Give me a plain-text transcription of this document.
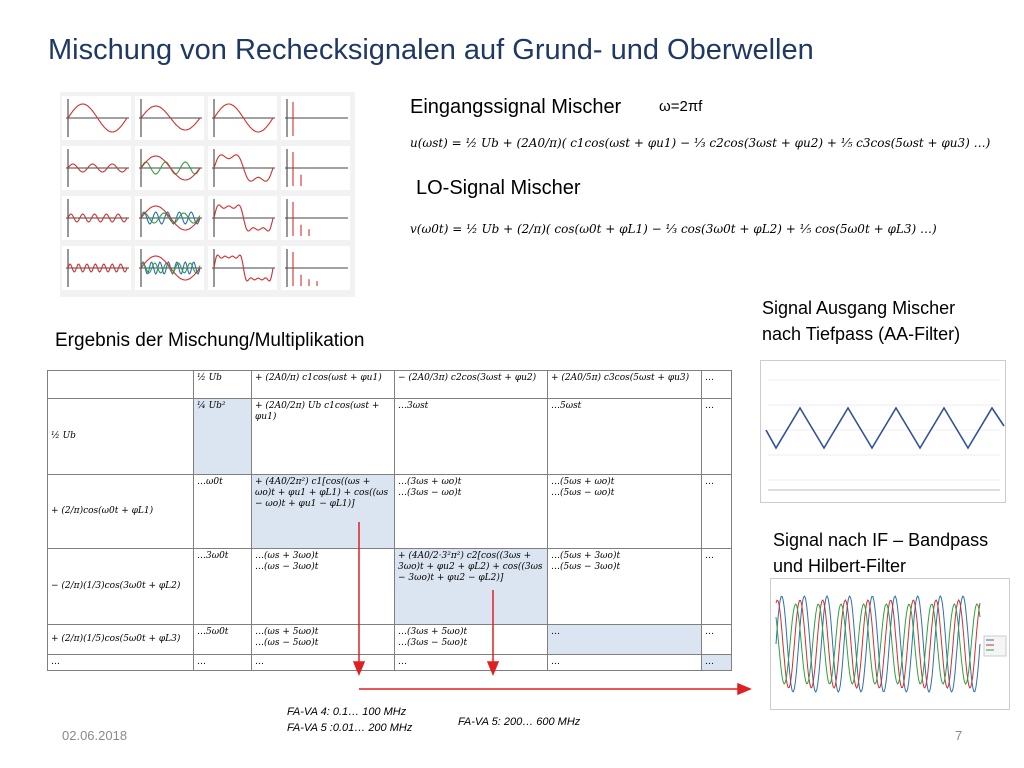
Mischung von Rechecksignalen auf Grund- und Oberwellen
Eingangssignal Mischer	ω=2πf
u(ωst) = ½ Ub + (2A0/π)( c1cos(ωst + φu1) − ⅓ c2cos(3ωst + φu2) + ⅕ c3cos(5ωst + φu3) …)
LO-Signal Mischer
v(ω0t) = ½ Ub + (2/π)( cos(ω0t + φL1) − ⅓ cos(3ω0t + φL2) + ⅕ cos(5ω0t + φL3) …)
Ergebnis der Mischung/Multiplikation
Signal Ausgang Mischer
nach Tiefpass (AA-Filter)
Signal nach IF – Bandpass
und Hilbert-Filter
	½ Ub	+ (2A0/π) c1cos(ωst + φu1)	− (2A0/3π) c2cos(3ωst + φu2)	+ (2A0/5π) c3cos(5ωst + φu3)	…
½ Ub	¼ Ub²	+ (2A0/2π) Ub c1cos(ωst + φu1)	…3ωst	…5ωst	…
+ (2/π)cos(ω0t + φL1)	…ω0t	+ (4A0/2π²) c1[cos((ωs + ωo)t + φu1 + φL1) + cos((ωs − ωo)t + φu1 − φL1)]	…(3ωs + ωo)t
…(3ωs − ωo)t	…(5ωs + ωo)t
…(5ωs − ωo)t	…
− (2/π)(1/3)cos(3ω0t + φL2)	…3ω0t	…(ωs + 3ωo)t
…(ωs − 3ωo)t	+ (4A0/2·3²π²) c2[cos((3ωs + 3ωo)t + φu2 + φL2) + cos((3ωs − 3ωo)t + φu2 − φL2)]	…(5ωs + 3ωo)t
…(5ωs − 3ωo)t	…
+ (2/π)(1/5)cos(5ω0t + φL3)	…5ω0t	…(ωs + 5ωo)t
…(ωs − 5ωo)t	…(3ωs + 5ωo)t
…(3ωs − 5ωo)t	…	…
…	…	…	…	…	…
FA-VA 4: 0.1… 100 MHz
FA-VA 5 :0.01… 200 MHz	FA-VA 5: 200… 600 MHz
02.06.2018	7
